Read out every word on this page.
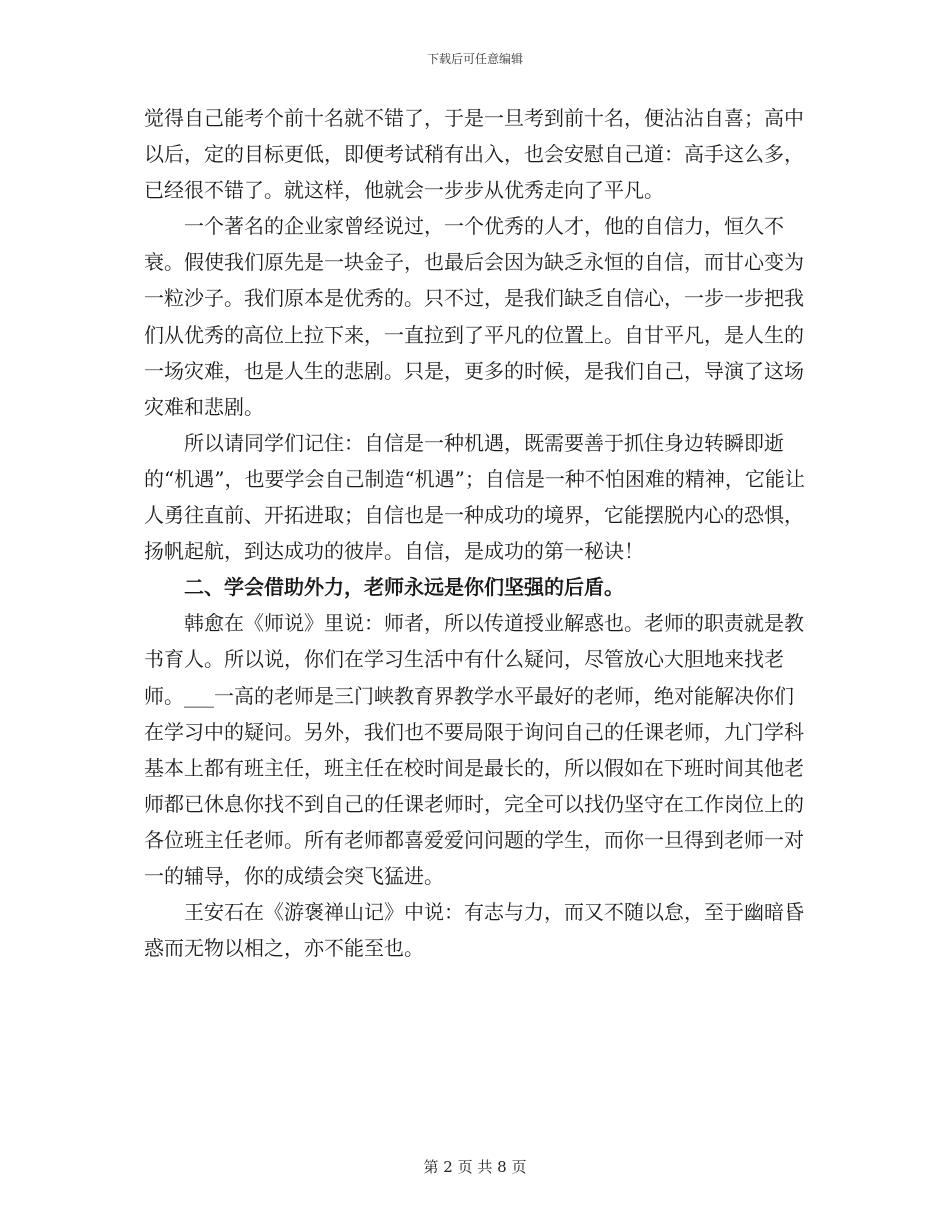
下载后可任意编辑

觉得自己能考个前十名就不错了，于是一旦考到前十名，便沾沾自喜；高中以后，定的目标更低，即便考试稍有出入，也会安慰自己道：高手这么多，已经很不错了。就这样，他就会一步步从优秀走向了平凡。

一个著名的企业家曾经说过，一个优秀的人才，他的自信力，恒久不衰。假使我们原先是一块金子，也最后会因为缺乏永恒的自信，而甘心变为一粒沙子。我们原本是优秀的。只不过，是我们缺乏自信心，一步一步把我们从优秀的高位上拉下来，一直拉到了平凡的位置上。自甘平凡，是人生的一场灾难，也是人生的悲剧。只是，更多的时候，是我们自己，导演了这场灾难和悲剧。

所以请同学们记住：自信是一种机遇，既需要善于抓住身边转瞬即逝的“机遇”，也要学会自己制造“机遇”；自信是一种不怕困难的精神，它能让人勇往直前、开拓进取；自信也是一种成功的境界，它能摆脱内心的恐惧，扬帆起航，到达成功的彼岸。自信，是成功的第一秘诀！

二、学会借助外力，老师永远是你们坚强的后盾。

韩愈在《师说》里说：师者，所以传道授业解惑也。老师的职责就是教书育人。所以说，你们在学习生活中有什么疑问，尽管放心大胆地来找老师。___一高的老师是三门峡教育界教学水平最好的老师，绝对能解决你们在学习中的疑问。另外，我们也不要局限于询问自己的任课老师，九门学科基本上都有班主任，班主任在校时间是最长的，所以假如在下班时间其他老师都已休息你找不到自己的任课老师时，完全可以找仍坚守在工作岗位上的各位班主任老师。所有老师都喜爱爱问问题的学生，而你一旦得到老师一对一的辅导，你的成绩会突飞猛进。

王安石在《游褒禅山记》中说：有志与力，而又不随以怠，至于幽暗昏惑而无物以相之，亦不能至也。

第 2 页 共 8 页
